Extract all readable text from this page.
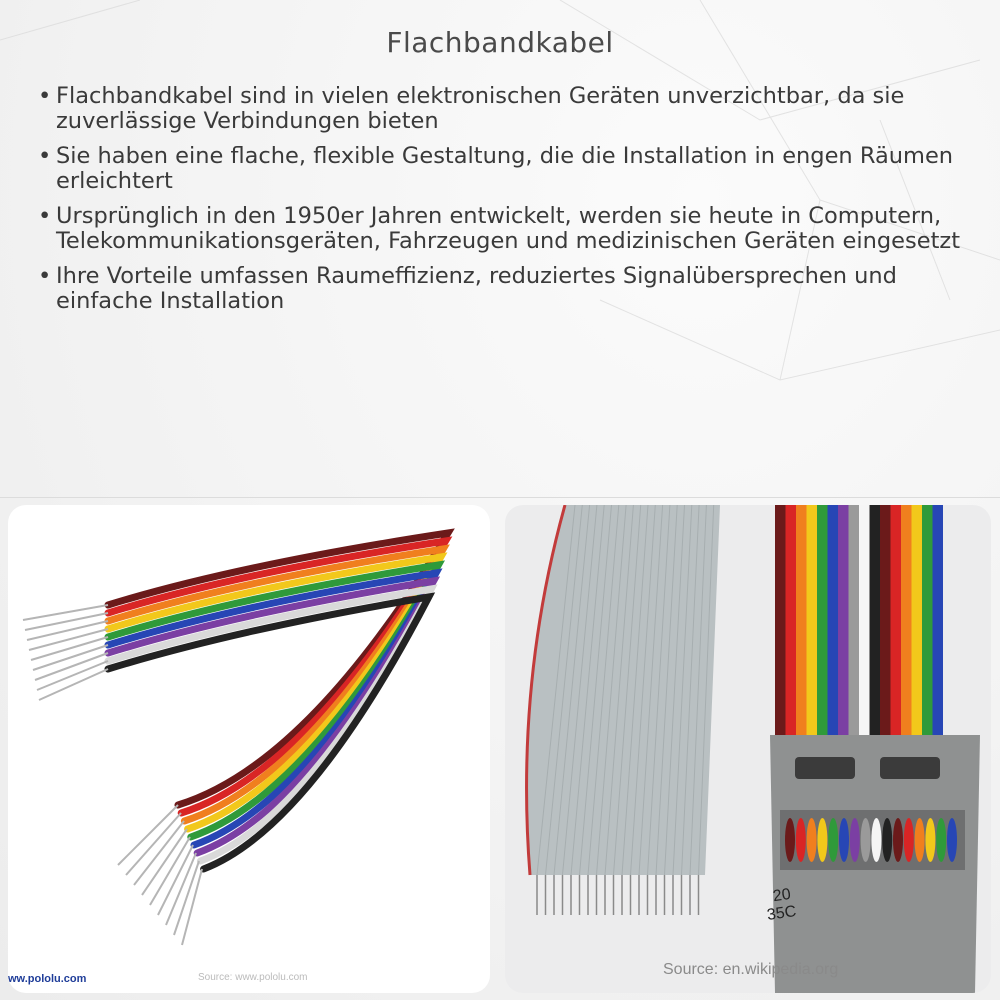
Flachbandkabel
• Flachbandkabel sind in vielen elektronischen Geräten unverzichtbar, da sie zuverlässige Verbindungen bieten
• Sie haben eine flache, flexible Gestaltung, die die Installation in engen Räumen erleichtert
• Ursprünglich in den 1950er Jahren entwickelt, werden sie heute in Computern, Telekommunikationsgeräten, Fahrzeugen und medizinischen Geräten eingesetzt
• Ihre Vorteile umfassen Raumeffizienz, reduziertes Signalübersprechen und einfache Installation
ww.pololu.com	Source: www.pololu.com
20
35C
Source: en.wikipedia.org
